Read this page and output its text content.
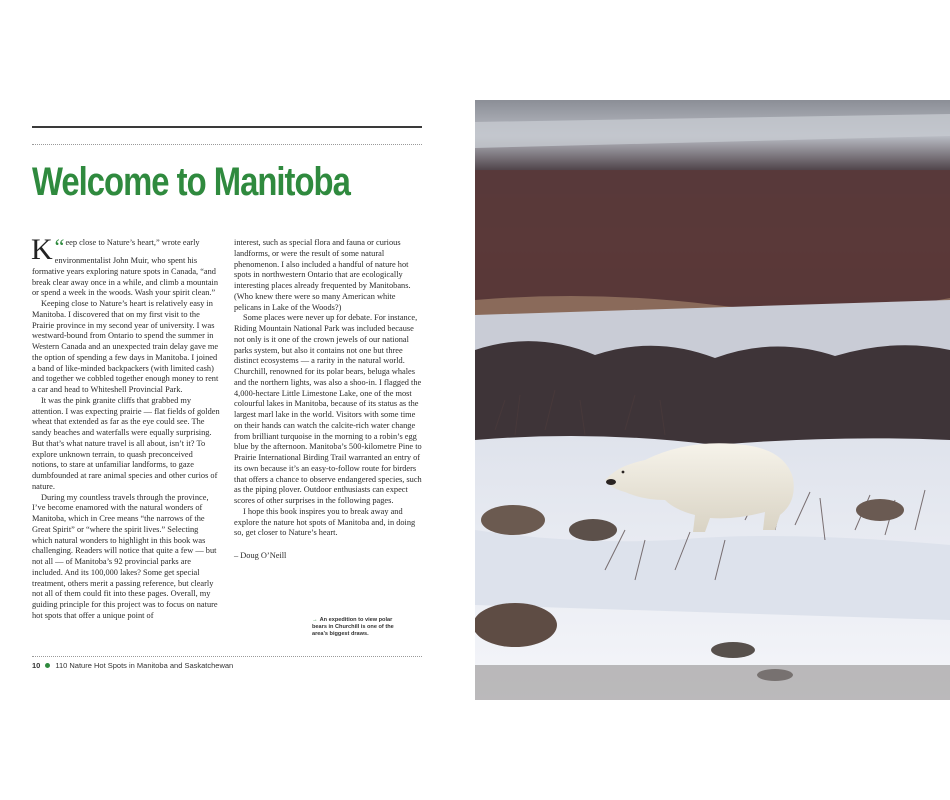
Welcome to Manitoba

“
K eep close to Nature’s heart,” wrote early environmentalist John Muir, who spent his formative years exploring nature spots in Canada, “and break clear away once in a while, and climb a mountain or spend a week in the woods. Wash your spirit clean.”

Keeping close to Nature’s heart is relatively easy in Manitoba. I discovered that on my first visit to the Prairie province in my second year of university. I was westward-bound from Ontario to spend the summer in Western Canada and an unexpected train delay gave me the option of spending a few days in Manitoba. I joined a band of like-minded backpackers (with limited cash) and together we cobbled together enough money to rent a car and head to Whiteshell Provincial Park.

It was the pink granite cliffs that grabbed my attention. I was expecting prairie — flat fields of golden wheat that extended as far as the eye could see. The sandy beaches and waterfalls were equally surprising. But that’s what nature travel is all about, isn’t it? To explore unknown terrain, to quash preconceived notions, to stare at unfamiliar landforms, to gaze dumbfounded at rare animal species and other curios of nature.

During my countless travels through the province, I’ve become enamored with the natural wonders of Manitoba, which in Cree means “the narrows of the Great Spirit” or “where the spirit lives.” Selecting which natural wonders to highlight in this book was challenging. Readers will notice that quite a few — but not all — of Manitoba’s 92 provincial parks are included. And its 100,000 lakes? Some get special treatment, others merit a passing reference, but clearly not all of them could fit into these pages. Overall, my guiding principle for this project was to focus on nature hot spots that offer a unique point of

interest, such as special flora and fauna or curious landforms, or were the result of some natural phenomenon. I also included a handful of nature hot spots in northwestern Ontario that are ecologically interesting places already frequented by Manitobans. (Who knew there were so many American white pelicans in Lake of the Woods?)

Some places were never up for debate. For instance, Riding Mountain National Park was included because not only is it one of the crown jewels of our national parks system, but also it contains not one but three distinct ecosystems — a rarity in the natural world. Churchill, renowned for its polar bears, beluga whales and the northern lights, was also a shoo-in. I flagged the 4,000-hectare Little Limestone Lake, one of the most colourful lakes in Manitoba, because of its status as the largest marl lake in the world. Visitors with some time on their hands can watch the calcite-rich water change from brilliant turquoise in the morning to a robin’s egg blue by the afternoon. Manitoba’s 500-kilometre Pine to Prairie International Birding Trail warranted an entry of its own because it’s an easy-to-follow route for birders that offers a chance to observe endangered species, such as the piping plover. Outdoor enthusiasts can expect scores of other surprises in the following pages.

I hope this book inspires you to break away and explore the nature hot spots of Manitoba and, in doing so, get closer to Nature’s heart.

– Doug O’Neill

→ An expedition to view polar bears in Churchill is one of the area’s biggest draws.
10 110 Nature Hot Spots in Manitoba and Saskatchewan
